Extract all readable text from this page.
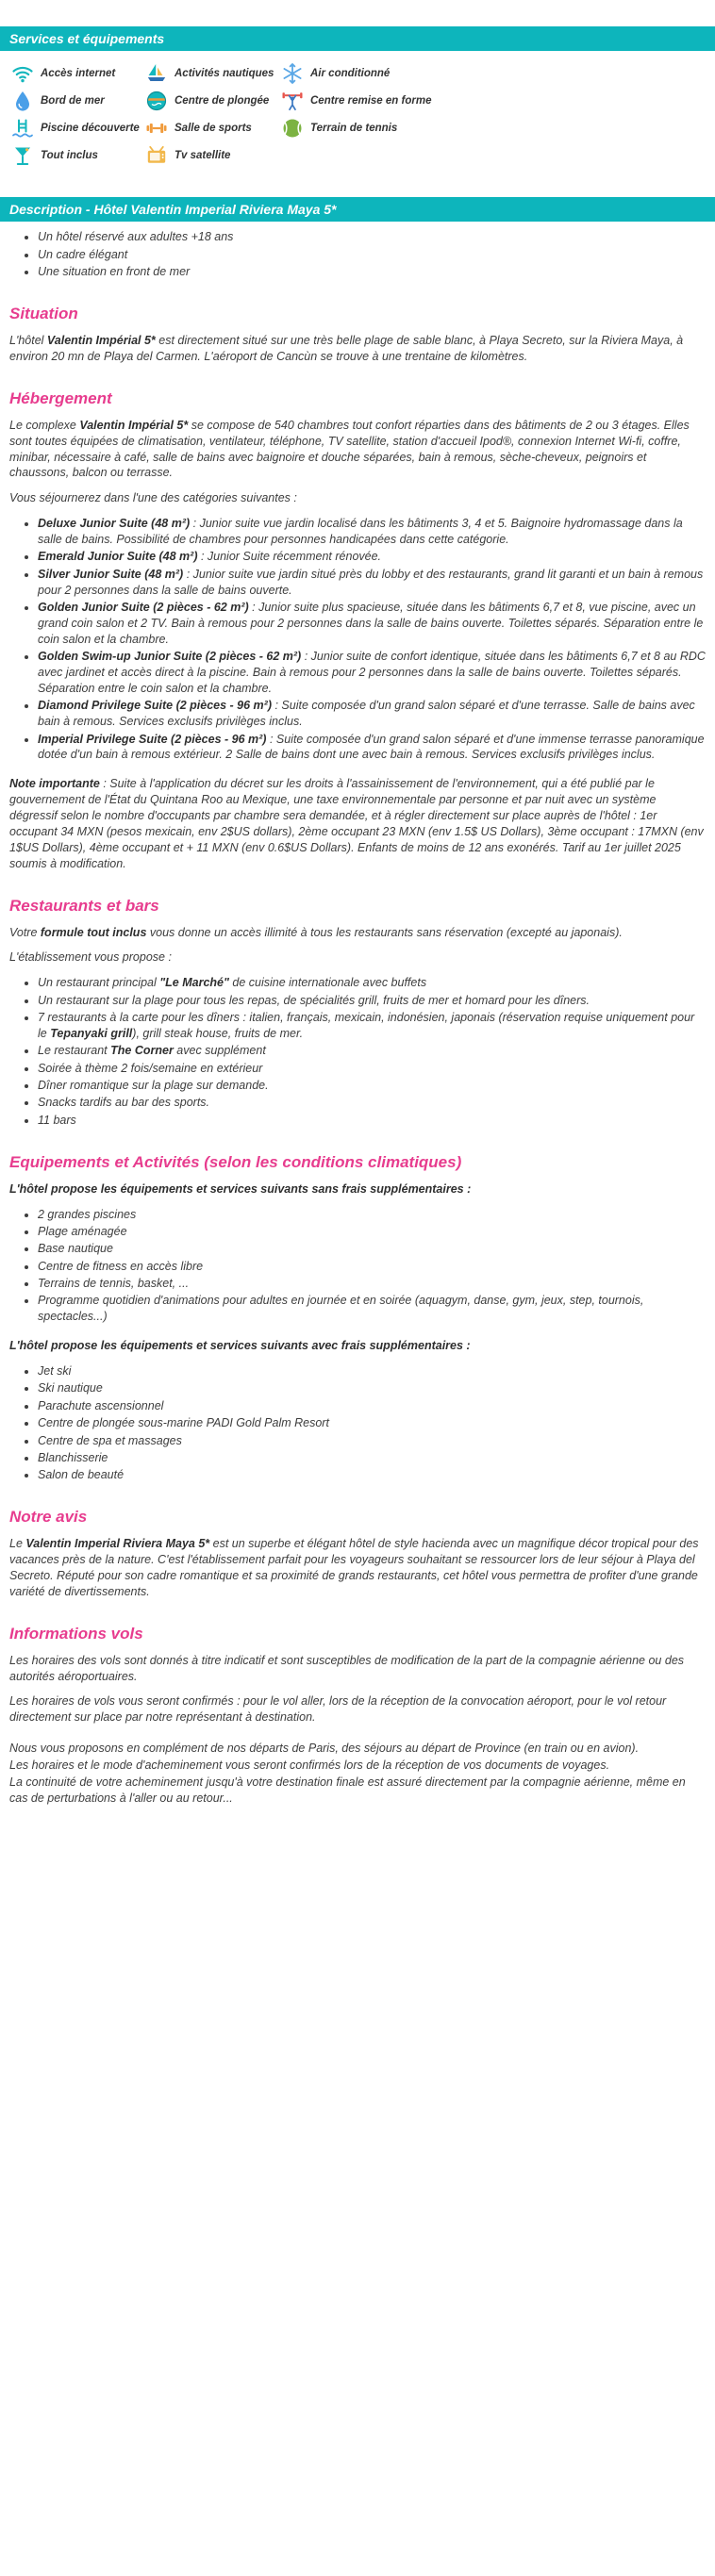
Services et équipements
Accès internet	Activités nautiques	Air conditionné
Bord de mer	Centre de plongée	Centre remise en forme
Piscine découverte	Salle de sports	Terrain de tennis
Tout inclus	Tv satellite
Description - Hôtel Valentin Imperial Riviera Maya 5*
• Un hôtel réservé aux adultes +18 ans
• Un cadre élégant
• Une situation en front de mer
Situation

L'hôtel Valentin Impérial 5* est directement situé sur une très belle plage de sable blanc, à Playa Secreto, sur la Riviera Maya, à environ 20 mn de Playa del Carmen. L'aéroport de Cancùn se trouve à une trentaine de kilomètres.

Hébergement

Le complexe Valentin Impérial 5* se compose de 540 chambres tout confort réparties dans des bâtiments de 2 ou 3 étages. Elles sont toutes équipées de climatisation, ventilateur, téléphone, TV satellite, station d'accueil Ipod®, connexion Internet Wi-fi, coffre, minibar, nécessaire à café, salle de bains avec baignoire et douche séparées, bain à remous, sèche-cheveux, peignoirs et chaussons, balcon ou terrasse.

Vous séjournerez dans l'une des catégories suivantes :

• Deluxe Junior Suite (48 m²) : Junior suite vue jardin localisé dans les bâtiments 3, 4 et 5. Baignoire hydromassage dans la salle de bains. Possibilité de chambres pour personnes handicapées dans cette catégorie.
• Emerald Junior Suite (48 m²) : Junior Suite récemment rénovée.
• Silver Junior Suite (48 m²) : Junior suite vue jardin situé près du lobby et des restaurants, grand lit garanti et un bain à remous pour 2 personnes dans la salle de bains ouverte.
• Golden Junior Suite (2 pièces - 62 m²) : Junior suite plus spacieuse, située dans les bâtiments 6,7 et 8, vue piscine, avec un grand coin salon et 2 TV. Bain à remous pour 2 personnes dans la salle de bains ouverte. Toilettes séparés. Séparation entre le coin salon et la chambre.
• Golden Swim-up Junior Suite (2 pièces - 62 m²) : Junior suite de confort identique, située dans les bâtiments 6,7 et 8 au RDC avec jardinet et accès direct à la piscine. Bain à remous pour 2 personnes dans la salle de bains ouverte. Toilettes séparés. Séparation entre le coin salon et la chambre.
• Diamond Privilege Suite (2 pièces - 96 m²) : Suite composée d'un grand salon séparé et d'une terrasse. Salle de bains avec bain à remous. Services exclusifs privilèges inclus.
• Imperial Privilege Suite (2 pièces - 96 m²) : Suite composée d'un grand salon séparé et d'une immense terrasse panoramique dotée d'un bain à remous extérieur. 2 Salle de bains dont une avec bain à remous. Services exclusifs privilèges inclus.

Note importante : Suite à l'application du décret sur les droits à l'assainissement de l'environnement, qui a été publié par le gouvernement de l'État du Quintana Roo au Mexique, une taxe environnementale par personne et par nuit avec un système dégressif selon le nombre d'occupants par chambre sera demandée, et à régler directement sur place auprès de l'hôtel : 1er occupant 34 MXN (pesos mexicain, env 2$US dollars), 2ème occupant 23 MXN (env 1.5$ US Dollars), 3ème occupant : 17MXN (env 1$US Dollars), 4ème occupant et + 11 MXN (env 0.6$US Dollars). Enfants de moins de 12 ans exonérés. Tarif au 1er juillet 2025 soumis à modification.

Restaurants et bars

Votre formule tout inclus vous donne un accès illimité à tous les restaurants sans réservation (excepté au japonais).

L'établissement vous propose :

• Un restaurant principal "Le Marché" de cuisine internationale avec buffets
• Un restaurant sur la plage pour tous les repas, de spécialités grill, fruits de mer et homard pour les dîners.
• 7 restaurants à la carte pour les dîners : italien, français, mexicain, indonésien, japonais (réservation requise uniquement pour le Tepanyaki grill), grill steak house, fruits de mer.
• Le restaurant The Corner avec supplément
• Soirée à thème 2 fois/semaine en extérieur
• Dîner romantique sur la plage sur demande.
• Snacks tardifs au bar des sports.
• 11 bars
Equipements et Activités (selon les conditions climatiques)

L'hôtel propose les équipements et services suivants sans frais supplémentaires :

• 2 grandes piscines
• Plage aménagée
• Base nautique
• Centre de fitness en accès libre
• Terrains de tennis, basket, ...
• Programme quotidien d'animations pour adultes en journée et en soirée (aquagym, danse, gym, jeux, step, tournois, spectacles...)

L'hôtel propose les équipements et services suivants avec frais supplémentaires :

• Jet ski
• Ski nautique
• Parachute ascensionnel
• Centre de plongée sous-marine PADI Gold Palm Resort
• Centre de spa et massages
• Blanchisserie
• Salon de beauté
Notre avis

Le Valentin Imperial Riviera Maya 5* est un superbe et élégant hôtel de style hacienda avec un magnifique décor tropical pour des vacances près de la nature. C'est l'établissement parfait pour les voyageurs souhaitant se ressourcer lors de leur séjour à Playa del Secreto. Réputé pour son cadre romantique et sa proximité de grands restaurants, cet hôtel vous permettra de profiter d'une grande variété de divertissements.

Informations vols

Les horaires des vols sont donnés à titre indicatif et sont susceptibles de modification de la part de la compagnie aérienne ou des autorités aéroportuaires.

Les horaires de vols vous seront confirmés : pour le vol aller, lors de la réception de la convocation aéroport, pour le vol retour directement sur place par notre représentant à destination.

Nous vous proposons en complément de nos départs de Paris, des séjours au départ de Province (en train ou en avion).

Les horaires et le mode d'acheminement vous seront confirmés lors de la réception de vos documents de voyages.

La continuité de votre acheminement jusqu'à votre destination finale est assuré directement par la compagnie aérienne, même en cas de perturbations à l'aller ou au retour...
